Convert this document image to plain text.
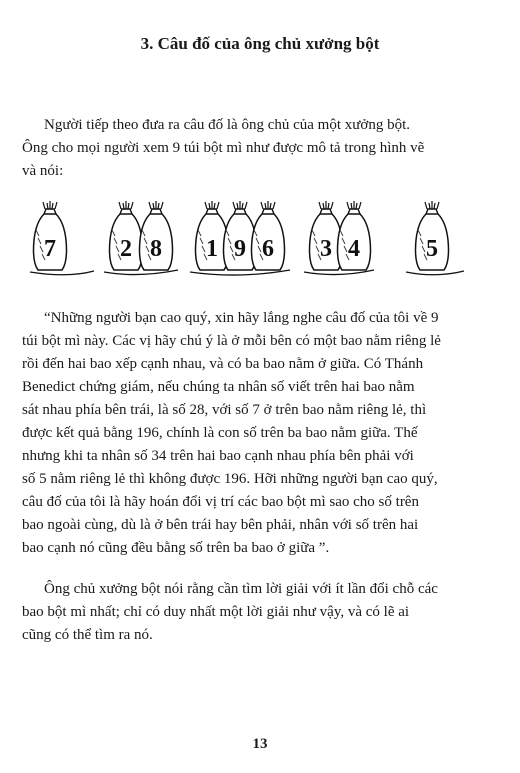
3. Câu đố của ông chủ xưởng bột

Người tiếp theo đưa ra câu đố là ông chủ của một xưởng bột.
Ông cho mọi người xem 9 túi bột mì như được mô tả trong hình vẽ
và nói:

7	2 8 1 9 6 3 4	5

“Những người bạn cao quý, xin hãy lắng nghe câu đố của tôi về 9
túi bột mì này. Các vị hãy chú ý là ở mỗi bên có một bao nằm riêng lẻ
rồi đến hai bao xếp cạnh nhau, và có ba bao nằm ở giữa. Có Thánh
Benedict chứng giám, nếu chúng ta nhân số viết trên hai bao nằm
sát nhau phía bên trái, là số 28, với số 7 ở trên bao nằm riêng lẻ, thì
được kết quả bằng 196, chính là con số trên ba bao nằm giữa. Thế
nhưng khi ta nhân số 34 trên hai bao cạnh nhau phía bên phải với
số 5 nằm riêng lẻ thì không được 196. Hỡi những người bạn cao quý,
câu đố của tôi là hãy hoán đổi vị trí các bao bột mì sao cho số trên
bao ngoài cùng, dù là ở bên trái hay bên phải, nhân với số trên hai
bao cạnh nó cũng đều bằng số trên ba bao ở giữa ”.

Ông chủ xưởng bột nói rằng cần tìm lời giải với ít lần đổi chỗ các
bao bột mì nhất; chỉ có duy nhất một lời giải như vậy, và có lẽ ai
cũng có thể tìm ra nó.

13
